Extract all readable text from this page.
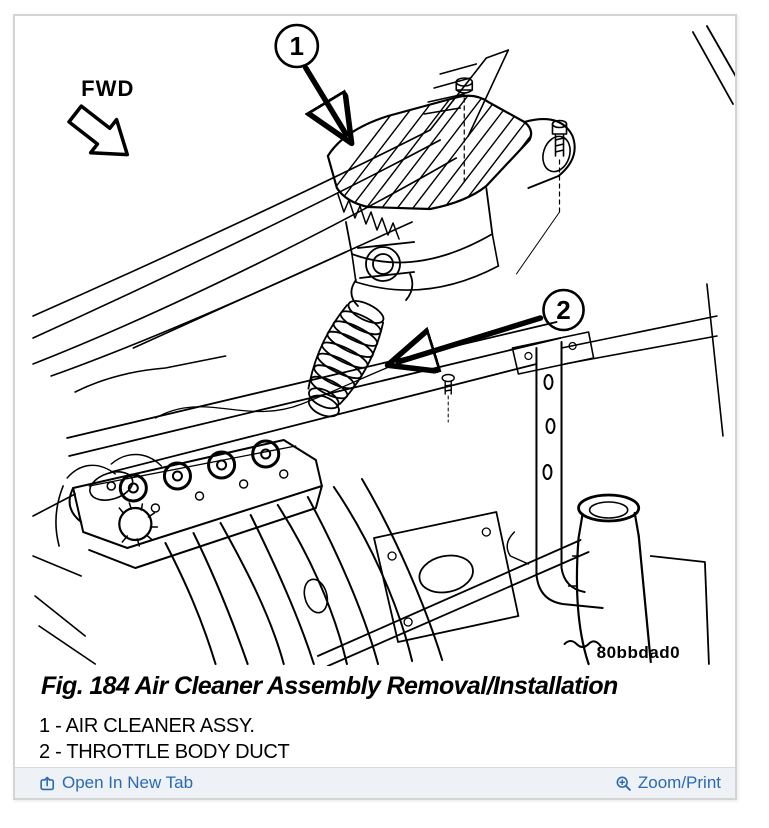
FWD
1
2
80bbdad0
Fig. 184 Air Cleaner Assembly Removal/Installation
1 - AIR CLEANER ASSY.
2 - THROTTLE BODY DUCT
Open In New Tab	Zoom/Print
